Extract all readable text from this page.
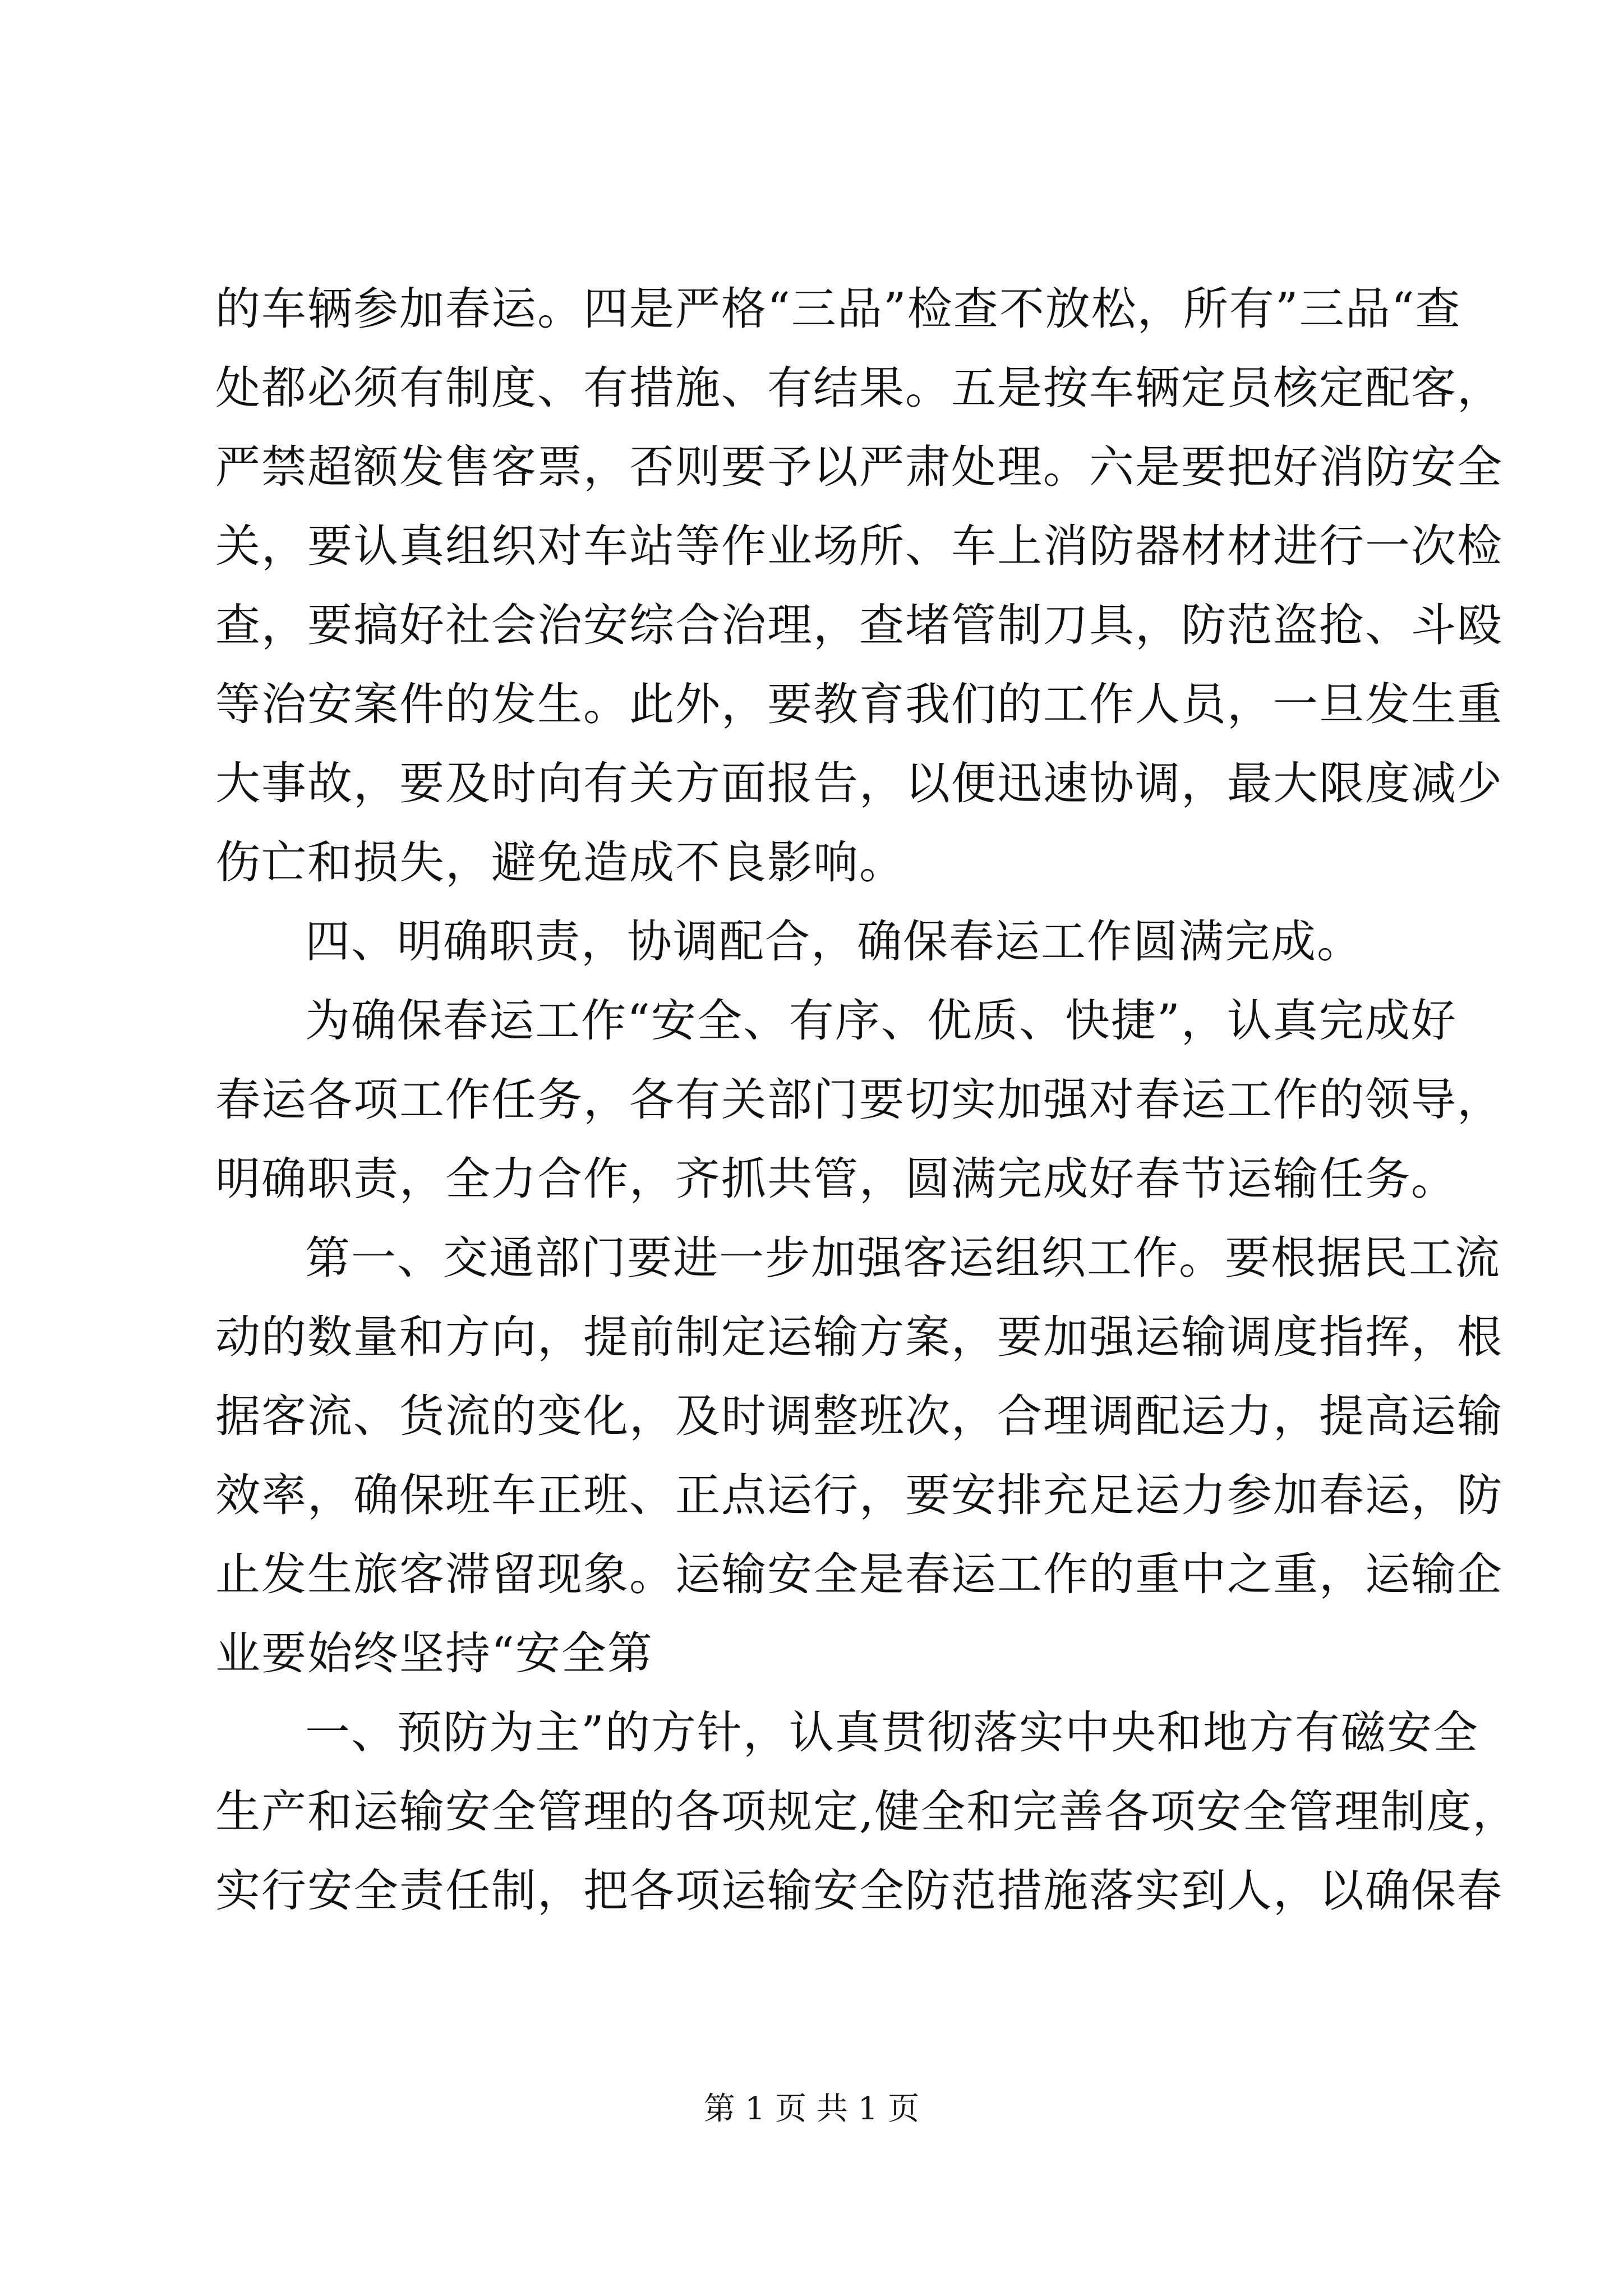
的车辆参加春运。四是严格“三品”检查不放松，所有”三品“查
处都必须有制度、有措施、有结果。五是按车辆定员核定配客，
严禁超额发售客票，否则要予以严肃处理。六是要把好消防安全
关，要认真组织对车站等作业场所、车上消防器材材进行一次检
查，要搞好社会治安综合治理，查堵管制刀具，防范盗抢、斗殴
等治安案件的发生。此外，要教育我们的工作人员，一旦发生重
大事故，要及时向有关方面报告，以便迅速协调，最大限度减少
伤亡和损失，避免造成不良影响。
四、明确职责，协调配合，确保春运工作圆满完成。
为确保春运工作“安全、有序、优质、快捷”，认真完成好
春运各项工作任务，各有关部门要切实加强对春运工作的领导，
明确职责，全力合作，齐抓共管，圆满完成好春节运输任务。
第一、交通部门要进一步加强客运组织工作。要根据民工流
动的数量和方向，提前制定运输方案，要加强运输调度指挥，根
据客流、货流的变化，及时调整班次，合理调配运力，提高运输
效率，确保班车正班、正点运行，要安排充足运力参加春运，防
止发生旅客滞留现象。运输安全是春运工作的重中之重，运输企
业要始终坚持“安全第
一、预防为主”的方针，认真贯彻落实中央和地方有磁安全
生产和运输安全管理的各项规定,健全和完善各项安全管理制度，
实行安全责任制，把各项运输安全防范措施落实到人，以确保春
第 1 页 共 1 页
